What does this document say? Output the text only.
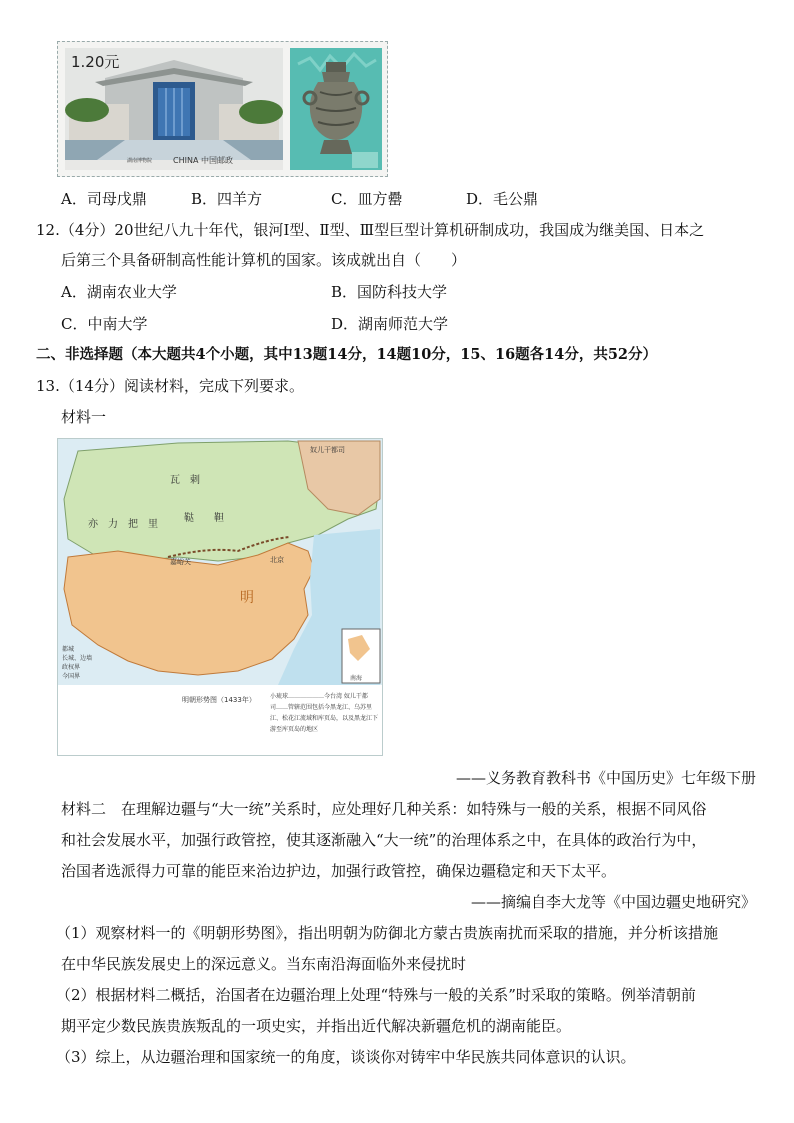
1.20元
湖南博物院	CHINA 中国邮政
A．司母戊鼎	B．四羊方	C．皿方罍	D．毛公鼎
12.（4分）20世纪八九十年代，银河Ⅰ型、Ⅱ型、Ⅲ型巨型计算机研制成功，我国成为继美国、日本之
后第三个具备研制高性能计算机的国家。该成就出自（　　）
A．湖南农业大学	B．国防科技大学
C．中南大学	D．湖南师范大学
二、非选择题（本大题共4个小题，其中13题14分，14题10分，15、16题各14分，共52分）
13.（14分）阅读材料，完成下列要求。
材料一
瓦　剌
鞑　　靼
亦　力　把　里
明
奴儿干都司
嘉峪关	北京
南海
都城
长城、边墙
政权界
今国界
明朝形势图（1433年） 小琉球………………今台湾 奴儿干都司……管辖范围包括今黑龙江、乌苏里江、松花江流域和库页岛，以及黑龙江下游至库页岛的地区
——义务教育教科书《中国历史》七年级下册
材料二　在理解边疆与“大一统”关系时，应处理好几种关系：如特殊与一般的关系，根据不同风俗
和社会发展水平，加强行政管控，使其逐渐融入“大一统”的治理体系之中，在具体的政治行为中，
治国者选派得力可靠的能臣来治边护边，加强行政管控，确保边疆稳定和天下太平。
——摘编自李大龙等《中国边疆史地研究》
（1）观察材料一的《明朝形势图》，指出明朝为防御北方蒙古贵族南扰而采取的措施，并分析该措施
在中华民族发展史上的深远意义。当东南沿海面临外来侵扰时
（2）根据材料二概括，治国者在边疆治理上处理“特殊与一般的关系”时采取的策略。例举清朝前
期平定少数民族贵族叛乱的一项史实，并指出近代解决新疆危机的湖南能臣。
（3）综上，从边疆治理和国家统一的角度，谈谈你对铸牢中华民族共同体意识的认识。
